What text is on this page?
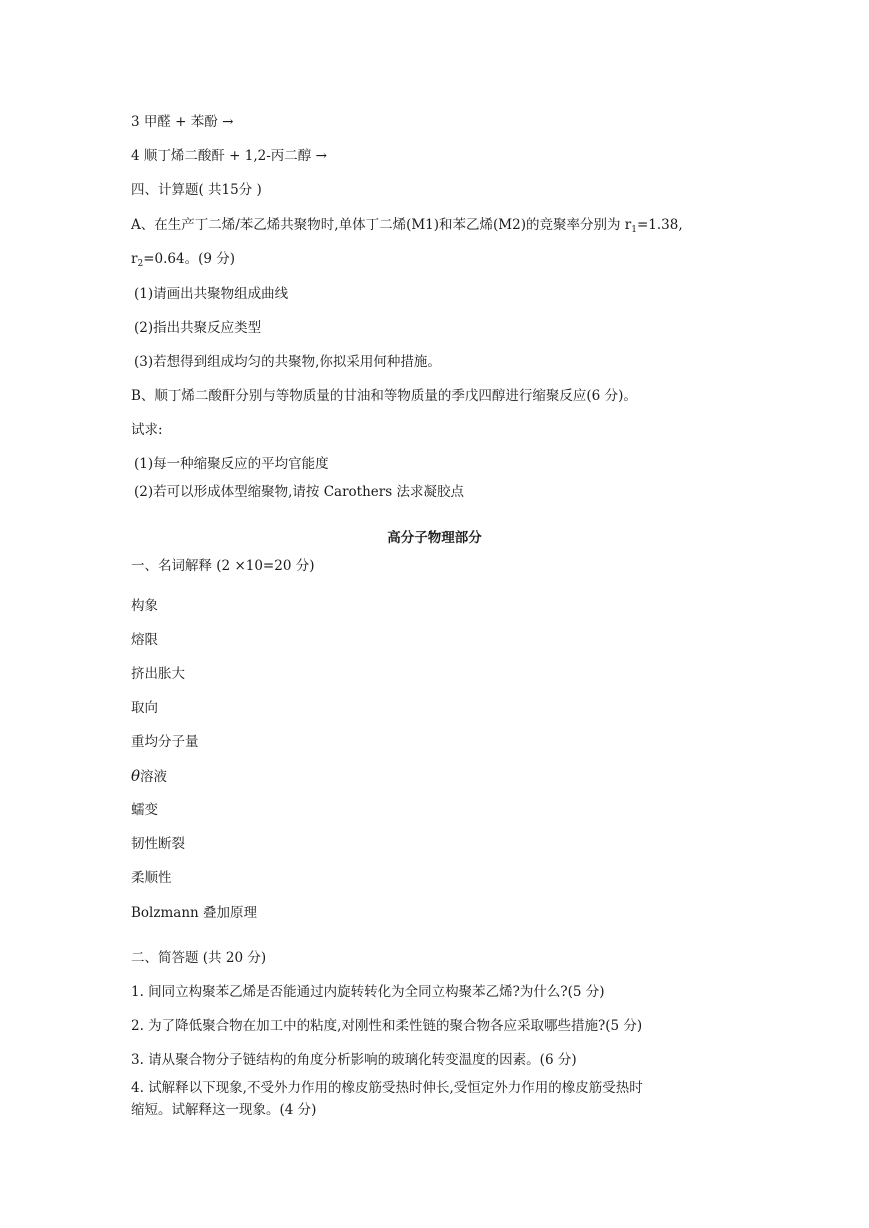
3 甲醛 + 苯酚 →
4 顺丁烯二酸酐 + 1,2-丙二醇 →
四、计算题( 共15分 )
A、在生产丁二烯/苯乙烯共聚物时,单体丁二烯(M1)和苯乙烯(M2)的竞聚率分别为 $r_1=1.38$,
$r_2=0.64$。(9 分)
(1)请画出共聚物组成曲线
(2)指出共聚反应类型
(3)若想得到组成均匀的共聚物,你拟采用何种措施。
B、顺丁烯二酸酐分别与等物质量的甘油和等物质量的季戊四醇进行缩聚反应(6 分)。
试求:
(1)每一种缩聚反应的平均官能度
(2)若可以形成体型缩聚物,请按 Carothers 法求凝胶点
高分子物理部分
一、名词解释 (2 ×10=20 分)
构象
熔限
挤出胀大
取向
重均分子量
θ溶液
蠕变
韧性断裂
柔顺性
Bolzmann 叠加原理
二、简答题 (共 20 分)
1. 间同立构聚苯乙烯是否能通过内旋转转化为全同立构聚苯乙烯?为什么?(5 分)
2. 为了降低聚合物在加工中的粘度,对刚性和柔性链的聚合物各应采取哪些措施?(5 分)
3. 请从聚合物分子链结构的角度分析影响的玻璃化转变温度的因素。(6 分)
4. 试解释以下现象,不受外力作用的橡皮筋受热时伸长,受恒定外力作用的橡皮筋受热时
缩短。试解释这一现象。(4 分)
